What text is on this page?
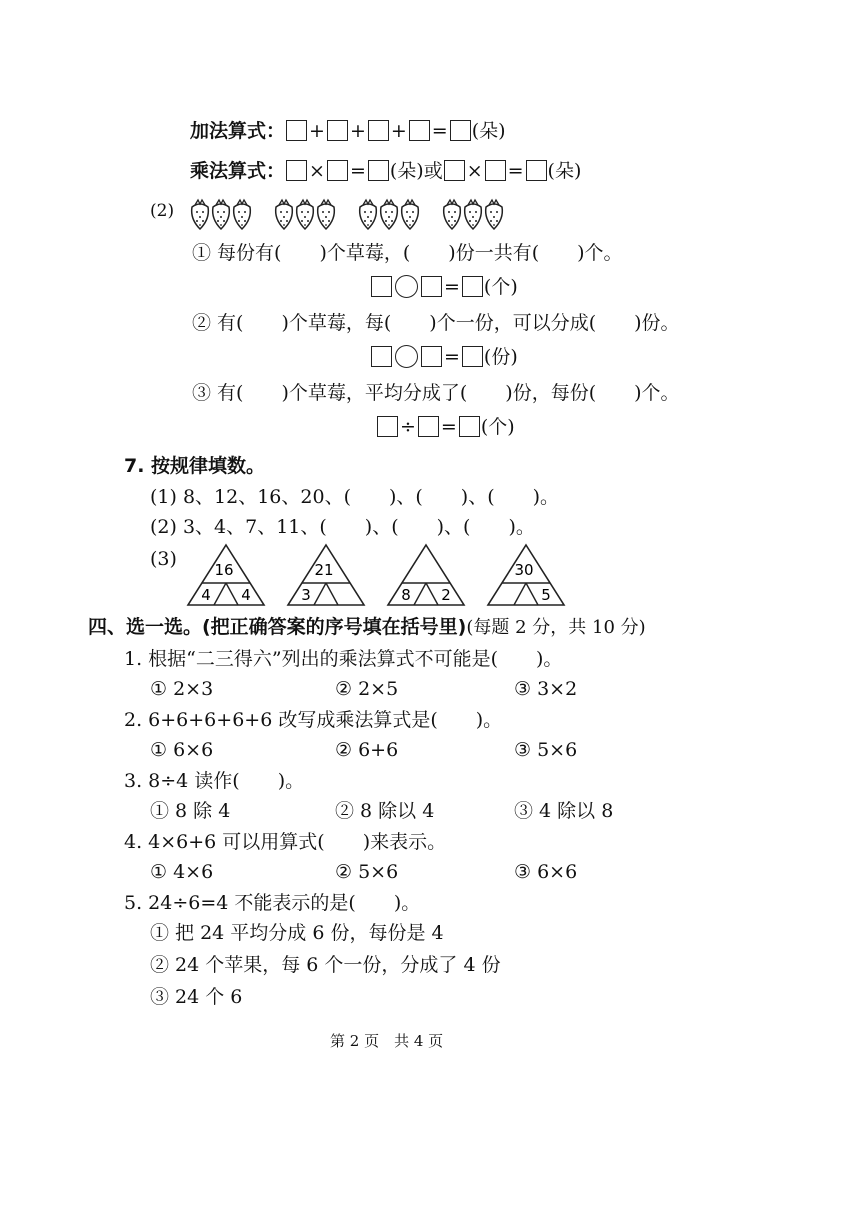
加法算式： + + + = (朵)
乘法算式： × = (朵)或 × = (朵)
(2)
① 每份有(　　)个草莓，(　　)份一共有(　　)个。
= (个)
② 有(　　)个草莓，每(　　)个一份，可以分成(　　)份。
= (份)
③ 有(　　)个草莓，平均分成了(　　)份，每份(　　)个。
÷ = (个)
7. 按规律填数。
(1) 8、12、16、20、(　　)、(　　)、(　　)。
(2) 3、4、7、11、(　　)、(　　)、(　　)。
(3)	16
4 4
21
3	8 2
30
5
四、选一选。(把正确答案的序号填在括号里)(每题 2 分，共 10 分)
1. 根据“二三得六”列出的乘法算式不可能是(　　)。
① 2×3	② 2×5	③ 3×2
2. 6+6+6+6+6 改写成乘法算式是(　　)。
① 6×6	② 6+6	③ 5×6
3. 8÷4 读作(　　)。
① 8 除 4	② 8 除以 4	③ 4 除以 8
4. 4×6+6 可以用算式(　　)来表示。
① 4×6	② 5×6	③ 6×6
5. 24÷6=4 不能表示的是(　　)。
① 把 24 平均分成 6 份，每份是 4
② 24 个苹果，每 6 个一份，分成了 4 份
③ 24 个 6
第 2 页　共 4 页
